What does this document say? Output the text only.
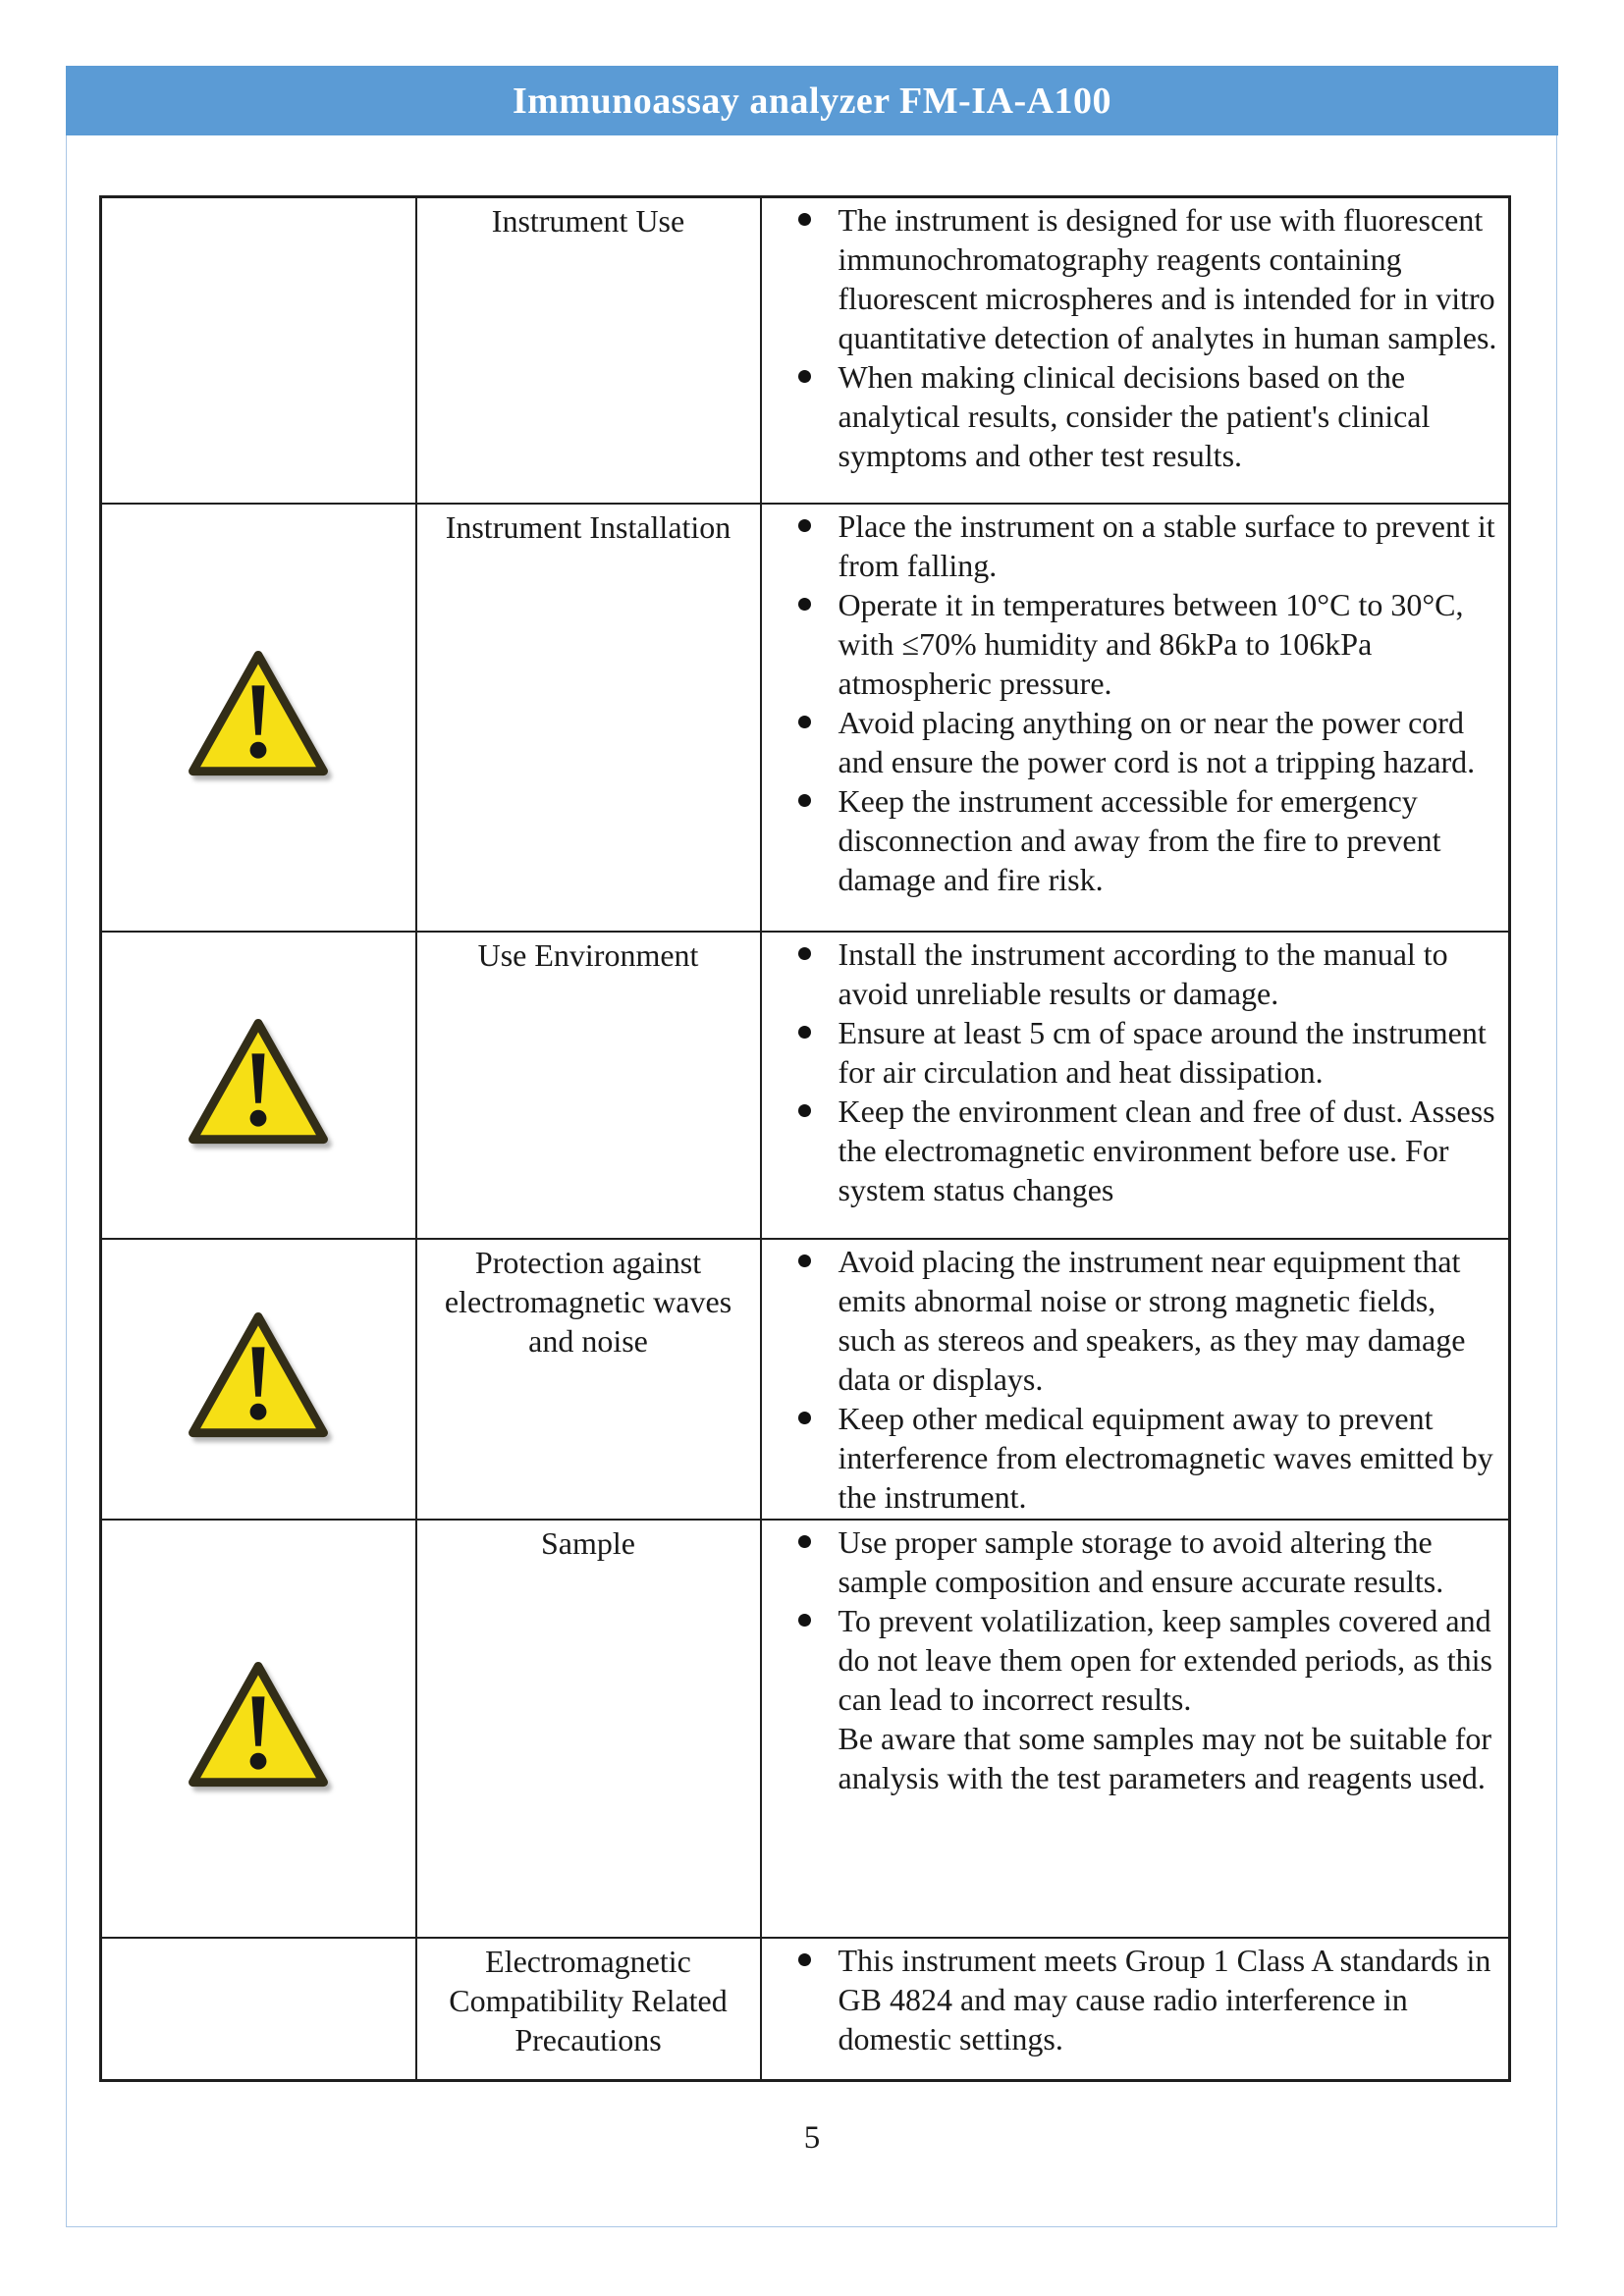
Immunoassay analyzer FM-IA-A100

Instrument Use	The instrument is designed for use with fluorescent immunochromatography reagents containing fluorescent microspheres and is intended for in vitro quantitative detection of analytes in human samples.
When making clinical decisions based on the analytical results, consider the patient's clinical symptoms and other test results.

Instrument Installation	Place the instrument on a stable surface to prevent it from falling.
Operate it in temperatures between 10°C to 30°C, with ≤70% humidity and 86kPa to 106kPa atmospheric pressure.
Avoid placing anything on or near the power cord and ensure the power cord is not a tripping hazard.
Keep the instrument accessible for emergency disconnection and away from the fire to prevent damage and fire risk.

Use Environment	Install the instrument according to the manual to avoid unreliable results or damage.
Ensure at least 5 cm of space around the instrument for air circulation and heat dissipation.
Keep the environment clean and free of dust. Assess the electromagnetic environment before use. For system status changes

Protection against electromagnetic waves and noise	Avoid placing the instrument near equipment that emits abnormal noise or strong magnetic fields, such as stereos and speakers, as they may damage data or displays.
Keep other medical equipment away to prevent interference from electromagnetic waves emitted by the instrument.

Sample	Use proper sample storage to avoid altering the sample composition and ensure accurate results.
To prevent volatilization, keep samples covered and do not leave them open for extended periods, as this can lead to incorrect results.
Be aware that some samples may not be suitable for analysis with the test parameters and reagents used.

Electromagnetic Compatibility Related Precautions	This instrument meets Group 1 Class A standards in GB 4824 and may cause radio interference in domestic settings.
5
